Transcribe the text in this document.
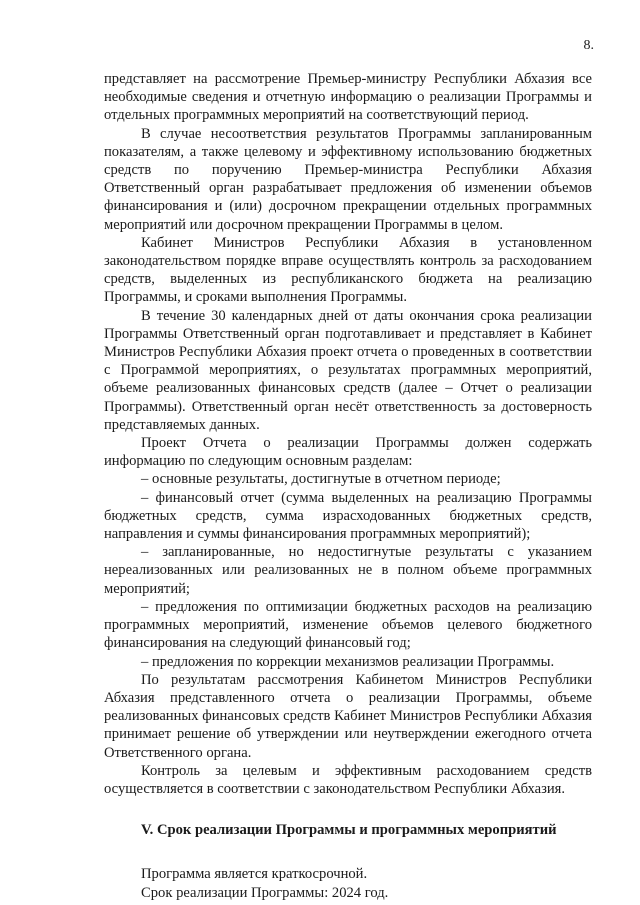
8.

представляет на рассмотрение Премьер-министру Республики Абхазия все необходимые сведения и отчетную информацию о реализации Программы и отдельных программных мероприятий на соответствующий период.

В случае несоответствия результатов Программы запланированным показателям, а также целевому и эффективному использованию бюджетных средств по поручению Премьер-министра Республики Абхазия Ответственный орган разрабатывает предложения об изменении объемов финансирования и (или) досрочном прекращении отдельных программных мероприятий или досрочном прекращении Программы в целом.

Кабинет Министров Республики Абхазия в установленном законодательством порядке вправе осуществлять контроль за расходованием средств, выделенных из республиканского бюджета на реализацию Программы, и сроками выполнения Программы.

В течение 30 календарных дней от даты окончания срока реализации Программы Ответственный орган подготавливает и представляет в Кабинет Министров Республики Абхазия проект отчета о проведенных в соответствии с Программой мероприятиях, о результатах программных мероприятий, объеме реализованных финансовых средств (далее – Отчет о реализации Программы). Ответственный орган несёт ответственность за достоверность представляемых данных.

Проект Отчета о реализации Программы должен содержать информацию по следующим основным разделам:

– основные результаты, достигнутые в отчетном периоде;

– финансовый отчет (сумма выделенных на реализацию Программы бюджетных средств, сумма израсходованных бюджетных средств, направления и суммы финансирования программных мероприятий);

– запланированные, но недостигнутые результаты с указанием нереализованных или реализованных не в полном объеме программных мероприятий;

– предложения по оптимизации бюджетных расходов на реализацию программных мероприятий, изменение объемов целевого бюджетного финансирования на следующий финансовый год;

– предложения по коррекции механизмов реализации Программы.

По результатам рассмотрения Кабинетом Министров Республики Абхазия представленного отчета о реализации Программы, объеме реализованных финансовых средств Кабинет Министров Республики Абхазия принимает решение об утверждении или неутверждении ежегодного отчета Ответственного органа.

Контроль за целевым и эффективным расходованием средств осуществляется в соответствии с законодательством Республики Абхазия.

V. Срок реализации Программы и программных мероприятий

Программа является краткосрочной.

Срок реализации Программы: 2024 год.
